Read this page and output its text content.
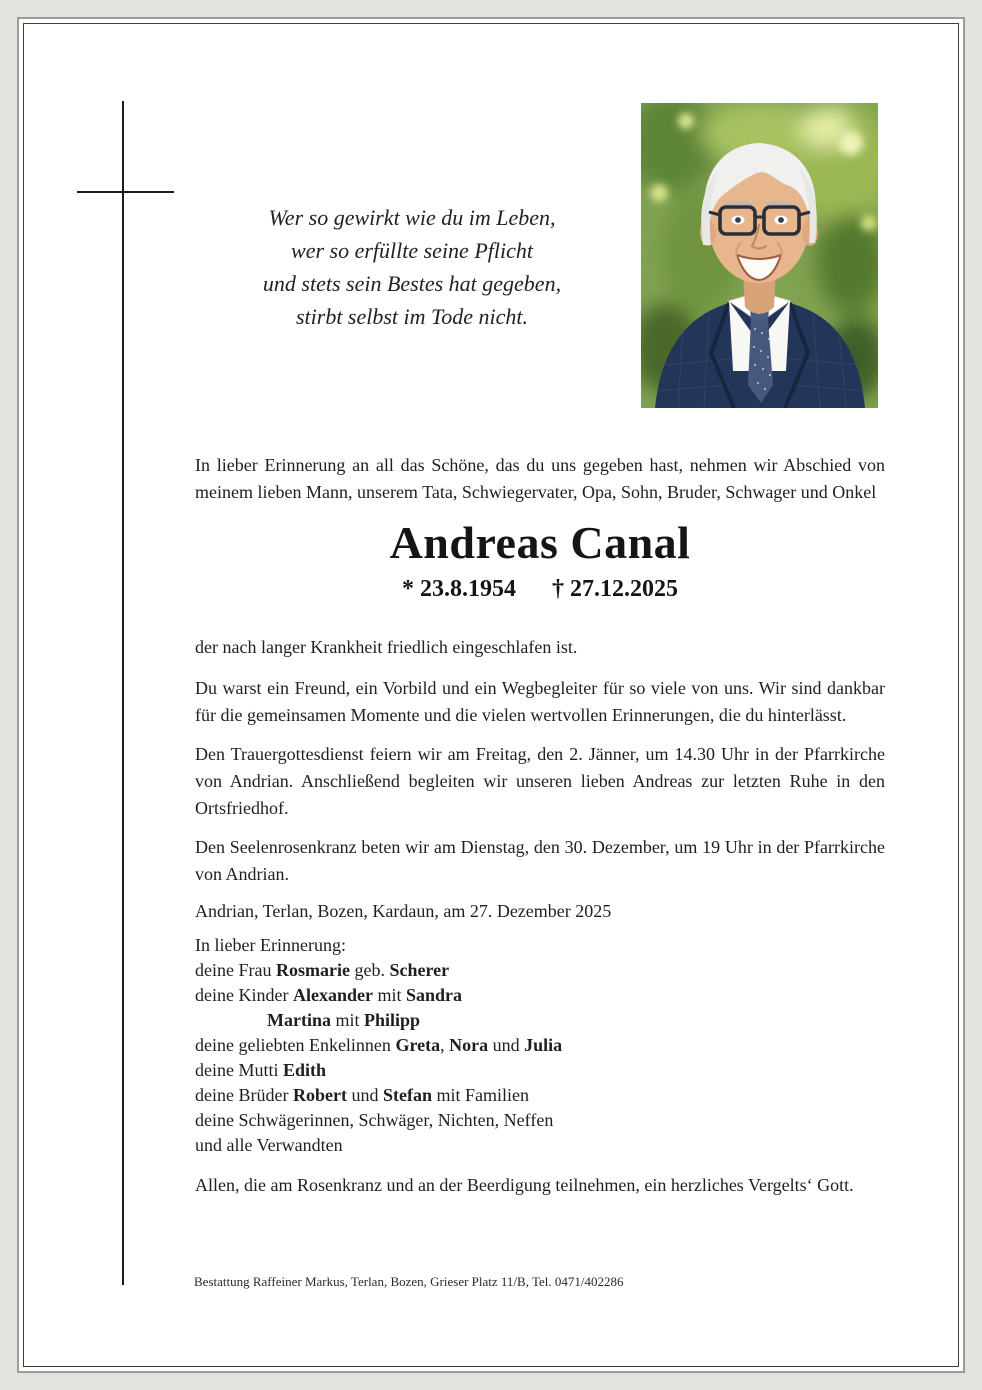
Wer so gewirkt wie du im Leben,
wer so erfüllte seine Pflicht
und stets sein Bestes hat gegeben,
stirbt selbst im Tode nicht.

In lieber Erinnerung an all das Schöne, das du uns gegeben hast, nehmen wir Abschied von meinem lieben Mann, unserem Tata, Schwiegervater, Opa, Sohn, Bruder, Schwager und Onkel

Andreas Canal
* 23.8.1954 † 27.12.2025

der nach langer Krankheit friedlich eingeschlafen ist.

Du warst ein Freund, ein Vorbild und ein Wegbegleiter für so viele von uns. Wir sind dankbar für die gemeinsamen Momente und die vielen wertvollen Erinnerungen, die du hinterlässt.

Den Trauergottesdienst feiern wir am Freitag, den 2. Jänner, um 14.30 Uhr in der Pfarrkirche von Andrian. Anschließend begleiten wir unseren lieben Andreas zur letzten Ruhe in den Ortsfriedhof.

Den Seelenrosenkranz beten wir am Dienstag, den 30. Dezember, um 19 Uhr in der Pfarrkirche von Andrian.

Andrian, Terlan, Bozen, Kardaun, am 27. Dezember 2025

In lieber Erinnerung:
deine Frau Rosmarie geb. Scherer
deine Kinder Alexander mit Sandra
Martina mit Philipp
deine geliebten Enkelinnen Greta, Nora und Julia
deine Mutti Edith
deine Brüder Robert und Stefan mit Familien
deine Schwägerinnen, Schwäger, Nichten, Neffen
und alle Verwandten

Allen, die am Rosenkranz und an der Beerdigung teilnehmen, ein herzliches Vergelts‘ Gott.

Bestattung Raffeiner Markus, Terlan, Bozen, Grieser Platz 11/B, Tel. 0471/402286
